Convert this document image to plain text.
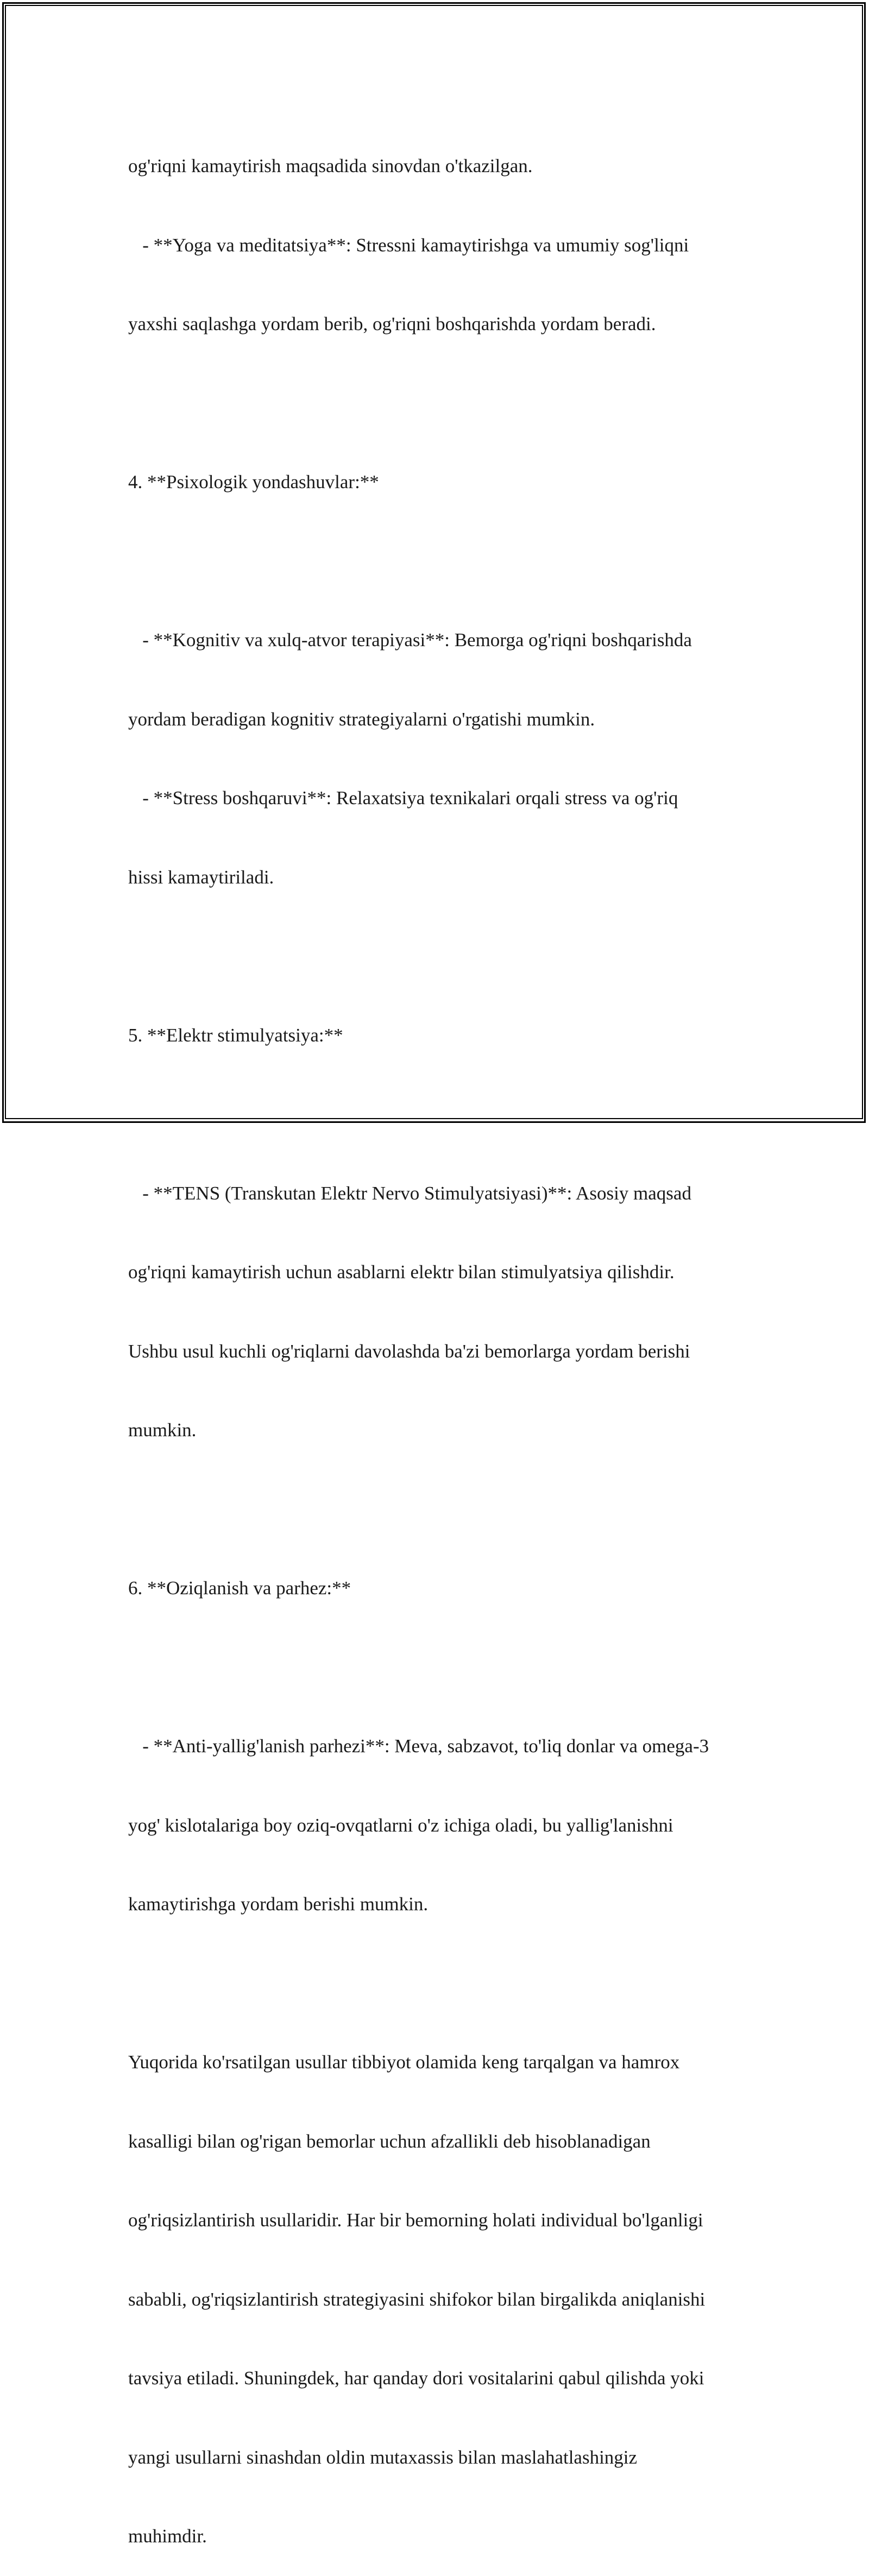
og'riqni kamaytirish maqsadida sinovdan o'tkazilgan.

- **Yoga va meditatsiya**: Stressni kamaytirishga va umumiy sog'liqni

yaxshi saqlashga yordam berib, og'riqni boshqarishda yordam beradi.

4. **Psixologik yondashuvlar:**

- **Kognitiv va xulq-atvor terapiyasi**: Bemorga og'riqni boshqarishda

yordam beradigan kognitiv strategiyalarni o'rgatishi mumkin.

- **Stress boshqaruvi**: Relaxatsiya texnikalari orqali stress va og'riq

hissi kamaytiriladi.

5. **Elektr stimulyatsiya:**

- **TENS (Transkutan Elektr Nervo Stimulyatsiyasi)**: Asosiy maqsad

og'riqni kamaytirish uchun asablarni elektr bilan stimulyatsiya qilishdir.

Ushbu usul kuchli og'riqlarni davolashda ba'zi bemorlarga yordam berishi

mumkin.

6. **Oziqlanish va parhez:**

- **Anti-yallig'lanish parhezi**: Meva, sabzavot, to'liq donlar va omega-3

yog' kislotalariga boy oziq-ovqatlarni o'z ichiga oladi, bu yallig'lanishni

kamaytirishga yordam berishi mumkin.

Yuqorida ko'rsatilgan usullar tibbiyot olamida keng tarqalgan va hamrox

kasalligi bilan og'rigan bemorlar uchun afzallikli deb hisoblanadigan

og'riqsizlantirish usullaridir. Har bir bemorning holati individual bo'lganligi

sababli, og'riqsizlantirish strategiyasini shifokor bilan birgalikda aniqlanishi

tavsiya etiladi. Shuningdek, har qanday dori vositalarini qabul qilishda yoki

yangi usullarni sinashdan oldin mutaxassis bilan maslahatlashingiz

muhimdir.
